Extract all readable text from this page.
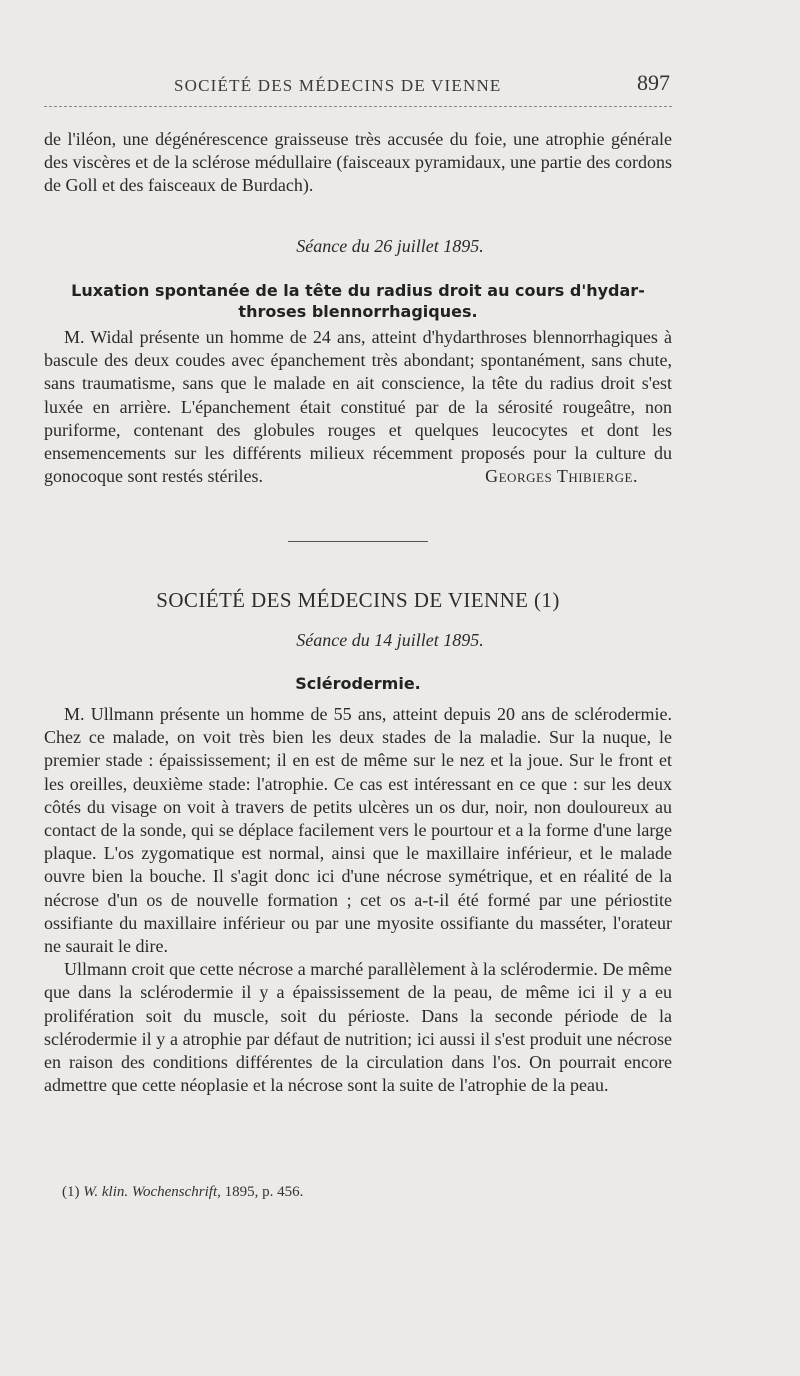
SOCIÉTÉ DES MÉDECINS DE VIENNE	897

de l'iléon, une dégénérescence graisseuse très accusée du foie, une atrophie générale des viscères et de la sclérose médullaire (faisceaux pyramidaux, une partie des cordons de Goll et des faisceaux de Burdach).

Séance du 26 juillet 1895.
Luxation spontanée de la tête du radius droit au cours d'hydar-
throses blennorrhagiques.

M. Widal présente un homme de 24 ans, atteint d'hydarthroses blennorrhagiques à bascule des deux coudes avec épanchement très abondant; spontanément, sans chute, sans traumatisme, sans que le malade en ait conscience, la tête du radius droit s'est luxée en arrière. L'épanchement était constitué par de la sérosité rougeâtre, non puriforme, contenant des globules rouges et quelques leucocytes et dont les ensemencements sur les différents milieux récemment proposés pour la culture du gonocoque sont restés stériles.	Georges Thibierge.
SOCIÉTÉ DES MÉDECINS DE VIENNE (1)
Séance du 14 juillet 1895.
Sclérodermie.

M. Ullmann présente un homme de 55 ans, atteint depuis 20 ans de sclérodermie. Chez ce malade, on voit très bien les deux stades de la maladie. Sur la nuque, le premier stade : épaississement; il en est de même sur le nez et la joue. Sur le front et les oreilles, deuxième stade: l'atrophie. Ce cas est intéressant en ce que : sur les deux côtés du visage on voit à travers de petits ulcères un os dur, noir, non douloureux au contact de la sonde, qui se déplace facilement vers le pourtour et a la forme d'une large plaque. L'os zygomatique est normal, ainsi que le maxillaire inférieur, et le malade ouvre bien la bouche. Il s'agit donc ici d'une nécrose symétrique, et en réalité de la nécrose d'un os de nouvelle formation ; cet os a-t-il été formé par une périostite ossifiante du maxillaire inférieur ou par une myosite ossifiante du masséter, l'orateur ne saurait le dire.

Ullmann croit que cette nécrose a marché parallèlement à la sclérodermie. De même que dans la sclérodermie il y a épaississement de la peau, de même ici il y a eu prolifération soit du muscle, soit du périoste. Dans la seconde période de la sclérodermie il y a atrophie par défaut de nutrition; ici aussi il s'est produit une nécrose en raison des conditions différentes de la circulation dans l'os. On pourrait encore admettre que cette néoplasie et la nécrose sont la suite de l'atrophie de la peau.

(1) W. klin. Wochenschrift, 1895, p. 456.
